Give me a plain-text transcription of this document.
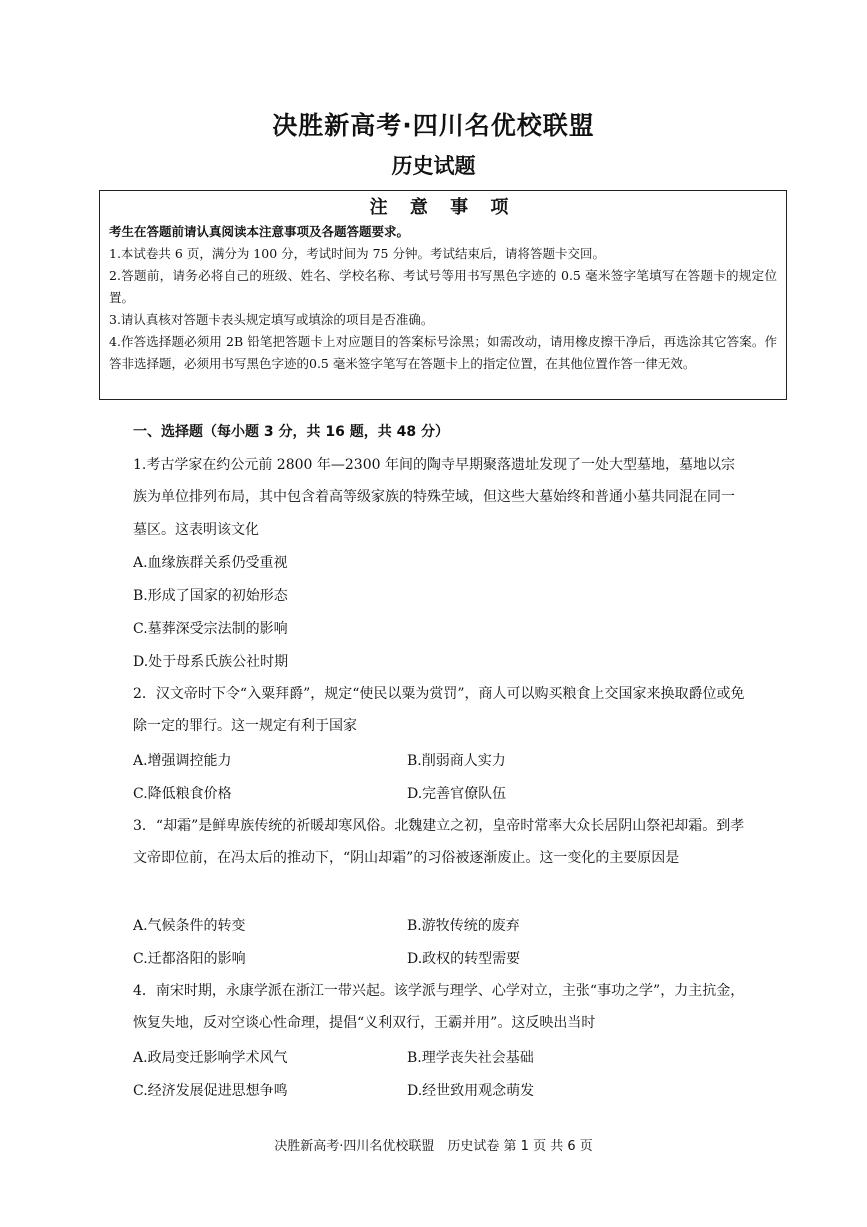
决胜新高考·四川名优校联盟
历史试题
注 意 事 项
考生在答题前请认真阅读本注意事项及各题答题要求。
1.本试卷共 6 页，满分为 100 分，考试时间为 75 分钟。考试结束后，请将答题卡交回。
2.答题前，请务必将自己的班级、姓名、学校名称、考试号等用书写黑色字迹的 0.5 毫米签字笔填写在答题卡的规定位置。
3.请认真核对答题卡表头规定填写或填涂的项目是否准确。
4.作答选择题必须用 2B 铅笔把答题卡上对应题目的答案标号涂黑；如需改动，请用橡皮擦干净后，再选涂其它答案。作答非选择题，必须用书写黑色字迹的0.5 毫米签字笔写在答题卡上的指定位置，在其他位置作答一律无效。
一、选择题（每小题 3 分，共 16 题，共 48 分）
1.考古学家在约公元前 2800 年—2300 年间的陶寺早期聚落遗址发现了一处大型墓地，墓地以宗族为单位排列布局，其中包含着高等级家族的特殊茔域，但这些大墓始终和普通小墓共同混在同一墓区。这表明该文化
A.血缘族群关系仍受重视
B.形成了国家的初始形态
C.墓葬深受宗法制的影响
D.处于母系氏族公社时期
2．汉文帝时下令“入粟拜爵”，规定“使民以粟为赏罚”，商人可以购买粮食上交国家来换取爵位或免除一定的罪行。这一规定有利于国家
A.增强调控能力	B.削弱商人实力
C.降低粮食价格	D.完善官僚队伍
3．“却霜”是鲜卑族传统的祈暖却寒风俗。北魏建立之初，皇帝时常率大众长居阴山祭祀却霜。到孝文帝即位前，在冯太后的推动下，“阴山却霜”的习俗被逐渐废止。这一变化的主要原因是
A.气候条件的转变	B.游牧传统的废弃
C.迁都洛阳的影响	D.政权的转型需要
4．南宋时期，永康学派在浙江一带兴起。该学派与理学、心学对立，主张“事功之学”，力主抗金，恢复失地，反对空谈心性命理，提倡“义利双行，王霸并用”。这反映出当时
A.政局变迁影响学术风气	B.理学丧失社会基础
C.经济发展促进思想争鸣	D.经世致用观念萌发
决胜新高考·四川名优校联盟　历史试卷 第 1 页 共 6 页
